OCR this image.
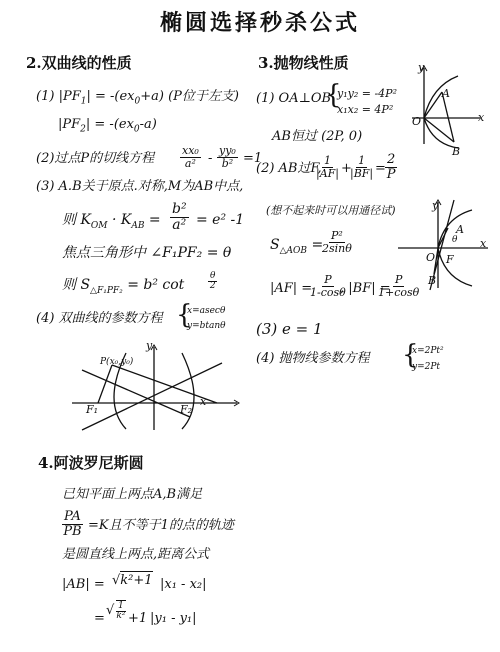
椭圆选择秒杀公式
2.双曲线的性质
(1) $|PF_1| = -(ex_0+a)$ (P位于左支)
$|PF_2| = -(ex_0-a)$
(2)过点P的切线方程 $\frac{\text{xx₀}}{\text{a²}} - \frac{\text{yy₀}}{\text{b²}} =1$
(3) A.B关于原点.对称,M为AB中点,
则 $K_{OM} \cdot K_{AB} = \frac{\text{b²}}{\text{a²}} = e^2$ -1
焦点三角形中 ∠F₁PF₂ = θ
则 $S_{\triangle F_1PF_2} = b^2$ cot	$\frac{\theta}{2}$
(4) 双曲线的参数方程 {
x=asecθ
y=btanθ
P(x₀,y₀)
F₁	F₂
x
y
3.抛物线性质
(1) OA⊥OB
{
y₁y₂ = -4P²
x₁x₂ = 4P²
AB恒过 (2P, 0)
y
x
A
B
O
(2) AB过F,
$\frac{1}{|AF|}$ +
$\frac{1}{|BF|} = \frac{2}{P}$
(想不起来时可以用通径试)
$S_{\triangle AOB}$ =
$\frac{\text{P²}}{2\sin\theta}$
|AF| =
$\frac{P}{1-\cos\theta}$
, |BF| =
$\frac{P}{1+\cos\theta}$
y
x
A
B
O F
θ
(3) e = 1
(4) 抛物线参数方程 {
x=2Pt²
y=2Pt
4.阿波罗尼斯圆
已知平面上两点A,B满足
$\frac{PA}{PB} =K$且不等于1的点的轨迹
是圆直线上两点,距离公式
|AB| = √k²+1 |x₁ - x₂|
=
√ $\frac{1}{\text{k²}} +1$ |y₁ - y₁|
